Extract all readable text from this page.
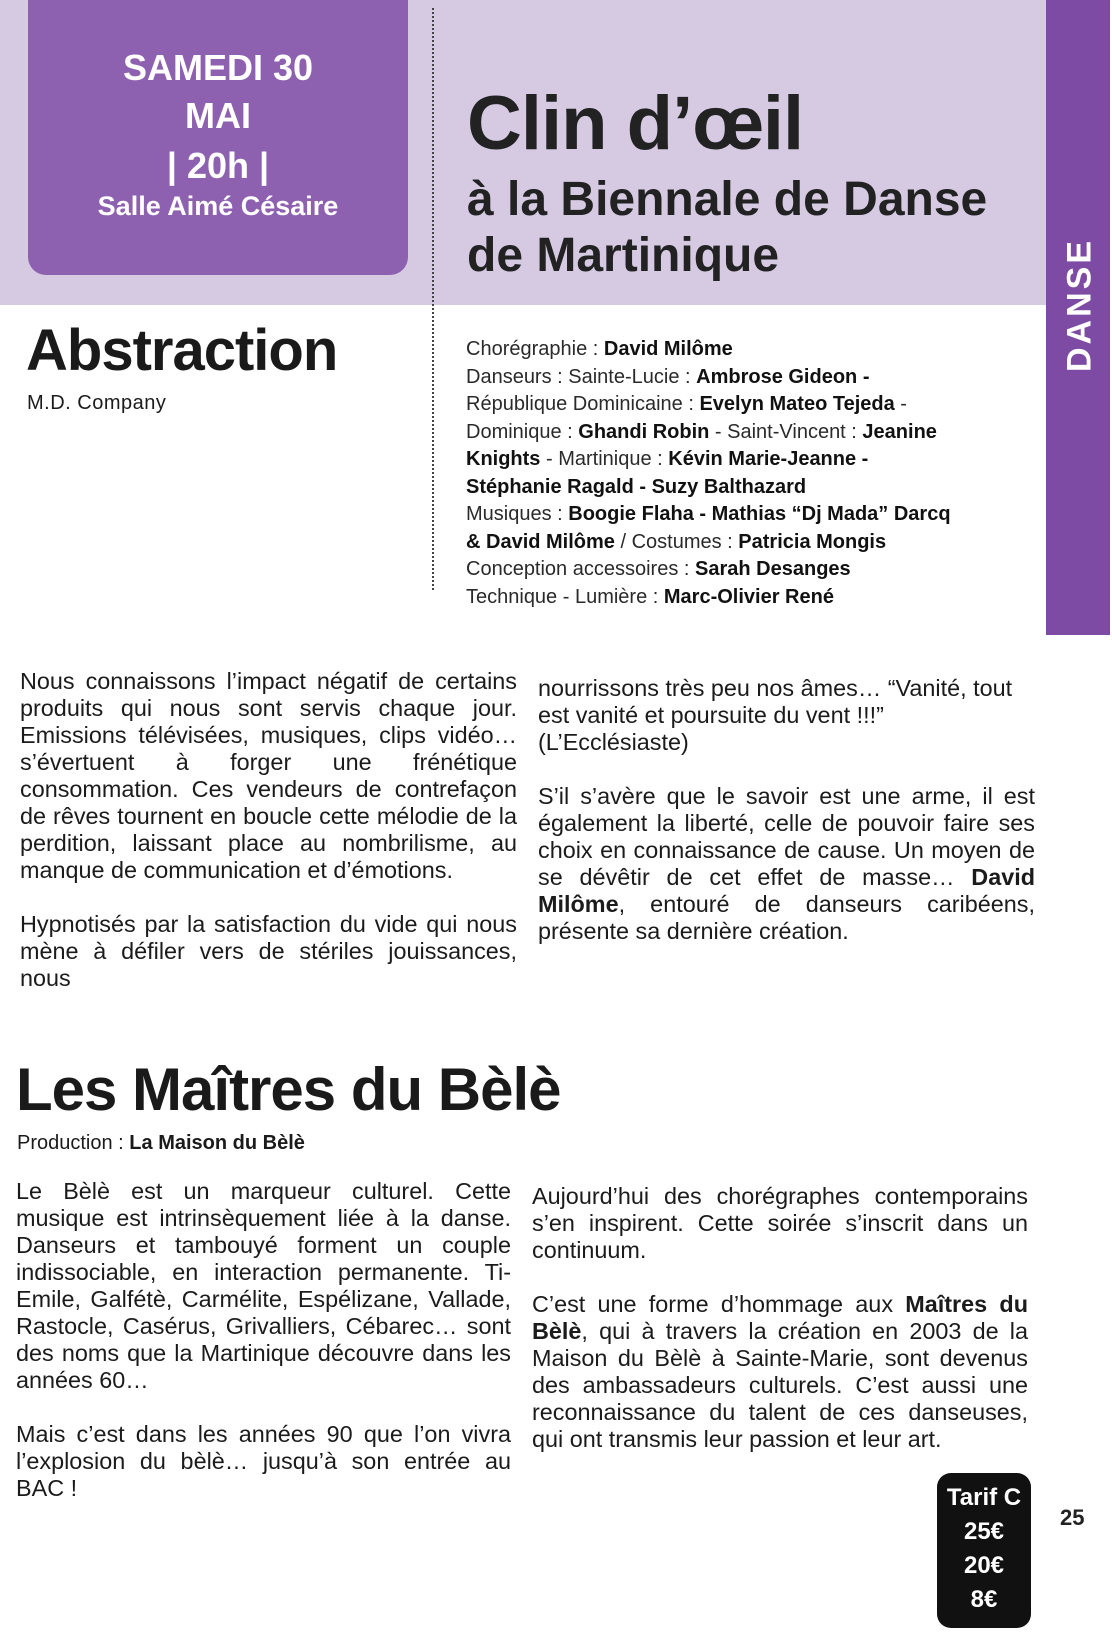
SAMEDI 30
MAI
| 20h |
Salle Aimé Césaire
Clin d’œil
à la Biennale de Danse
de Martinique	DANSE
Abstraction
M.D. Company
Chorégraphie : David Milôme
Danseurs : Sainte-Lucie : Ambrose Gideon -
République Dominicaine : Evelyn Mateo Tejeda -
Dominique : Ghandi Robin - Saint-Vincent : Jeanine
Knights - Martinique : Kévin Marie-Jeanne -
Stéphanie Ragald - Suzy Balthazard
Musiques : Boogie Flaha - Mathias “Dj Mada” Darcq
& David Milôme / Costumes : Patricia Mongis
Conception accessoires : Sarah Desanges
Technique - Lumière : Marc-Olivier René

Nous connaissons l’impact négatif de certains produits qui nous sont servis chaque jour. Emissions télévisées, musiques, clips vidéo… s’évertuent à forger une frénétique consommation. Ces vendeurs de contrefaçon de rêves tournent en boucle cette mélodie de la perdition, laissant place au nombrilisme, au manque de communication et d’émotions.

Hypnotisés par la satisfaction du vide qui nous mène à défiler vers de stériles jouissances, nous

nourrissons très peu nos âmes… “Vanité, tout est vanité et poursuite du vent !!!” (L’Ecclésiaste)

S’il s’avère que le savoir est une arme, il est également la liberté, celle de pouvoir faire ses choix en connaissance de cause. Un moyen de se dévêtir de cet effet de masse… David Milôme, entouré de danseurs caribéens, présente sa dernière création.

Les Maîtres du Bèlè
Production : La Maison du Bèlè

Le Bèlè est un marqueur culturel. Cette musique est intrinsèquement liée à la danse. Danseurs et tambouyé forment un couple indissociable, en interaction permanente. Ti-Emile, Galfétè, Carmélite, Espélizane, Vallade, Rastocle, Casérus, Grivalliers, Cébarec… sont des noms que la Martinique découvre dans les années 60…

Mais c’est dans les années 90 que l’on vivra l’explosion du bèlè… jusqu’à son entrée au BAC !

Aujourd’hui des chorégraphes contemporains s’en inspirent. Cette soirée s’inscrit dans un continuum.

C’est une forme d’hommage aux Maîtres du Bèlè, qui à travers la création en 2003 de la Maison du Bèlè à Sainte-Marie, sont devenus des ambassadeurs culturels. C’est aussi une reconnaissance du talent de ces danseuses, qui ont transmis leur passion et leur art.

Tarif C
25€
20€
8€
25
